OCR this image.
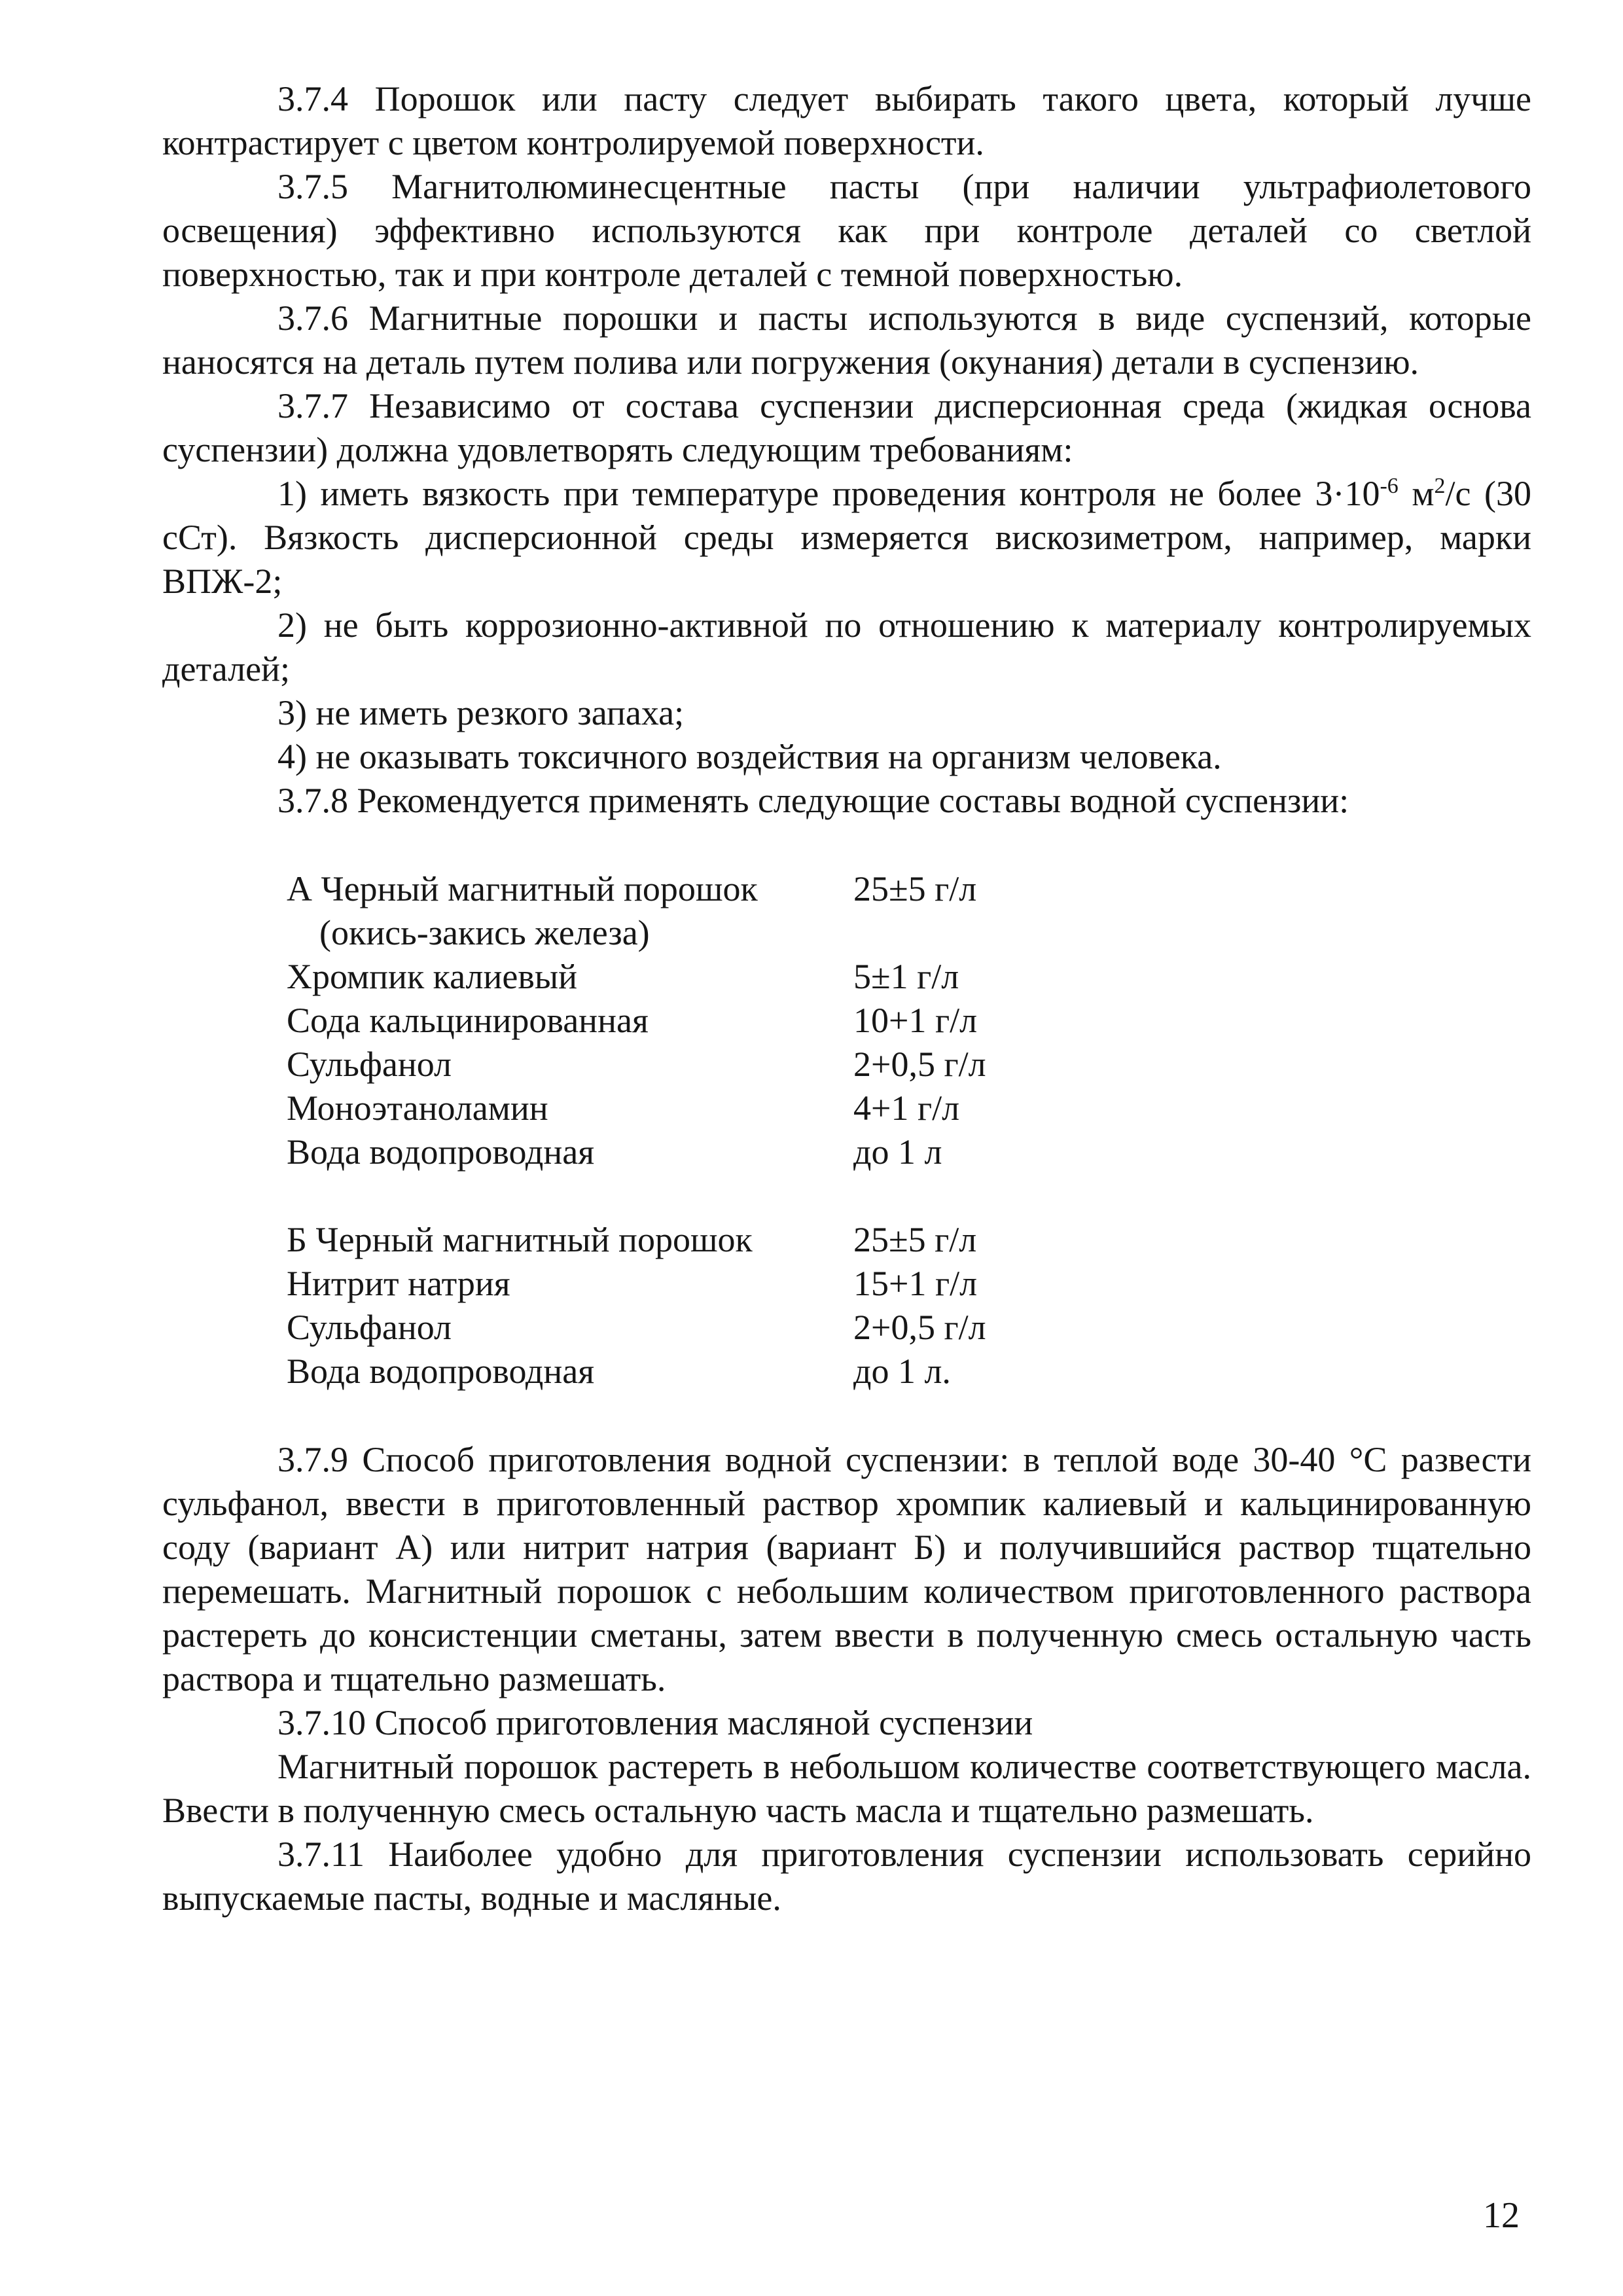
3.7.4 Порошок или пасту следует выбирать такого цвета, который лучше контрастирует с цветом контролируемой поверхности.

3.7.5 Магнитолюминесцентные пасты (при наличии ультрафиолетового освещения) эффективно используются как при контроле деталей со светлой поверхностью, так и при контроле деталей с темной поверхностью.

3.7.6 Магнитные порошки и пасты используются в виде суспензий, которые наносятся на деталь путем полива или погружения (окунания) детали в суспензию.

3.7.7 Независимо от состава суспензии дисперсионная среда (жидкая основа суспензии) должна удовлетворять следующим требованиям:

1) иметь вязкость при температуре проведения контроля не более $3\cdot 10^{-6}$ $м^2/с$ (30 сСт). Вязкость дисперсионной среды измеряется вискозиметром, например, марки ВПЖ-2;

2) не быть коррозионно-активной по отношению к материалу контролируемых деталей;

3) не иметь резкого запаха;

4) не оказывать токсичного воздействия на организм человека.

3.7.8 Рекомендуется применять следующие составы водной суспензии:

А Черный магнитный порошок	25±5 г/л
(окись-закись железа)
Хромпик калиевый	5±1 г/л
Сода кальцинированная	10+1 г/л
Сульфанол	2+0,5 г/л
Моноэтаноламин	4+1 г/л
Вода водопроводная	до 1 л
Б Черный магнитный порошок	25±5 г/л
Нитрит натрия	15+1 г/л
Сульфанол	2+0,5 г/л
Вода водопроводная	до 1 л.

3.7.9 Способ приготовления водной суспензии: в теплой воде 30-40 °С развести сульфанол, ввести в приготовленный раствор хромпик калиевый и кальцинированную соду (вариант А) или нитрит натрия (вариант Б) и получившийся раствор тщательно перемешать. Магнитный порошок с небольшим количеством приготовленного раствора растереть до консистенции сметаны, затем ввести в полученную смесь остальную часть раствора и тщательно размешать.

3.7.10 Способ приготовления масляной суспензии

Магнитный порошок растереть в небольшом количестве соответствующего масла. Ввести в полученную смесь остальную часть масла и тщательно размешать.

3.7.11 Наиболее удобно для приготовления суспензии использовать серийно выпускаемые пасты, водные и масляные.

12
